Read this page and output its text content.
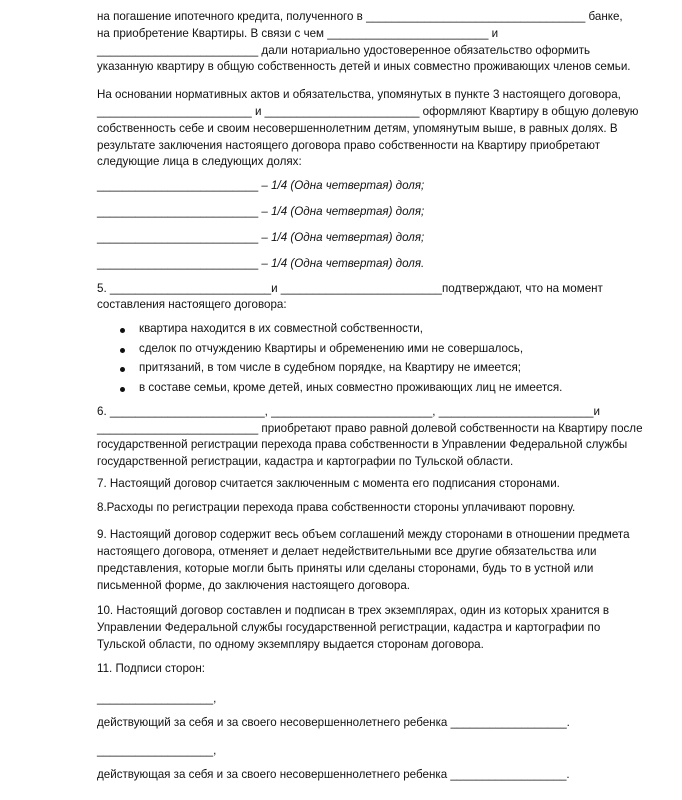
на погашение ипотечного кредита, полученного в __________________________________ банке,
на приобретение Квартиры. В связи с чем _________________________ и
_________________________ дали нотариально удостоверенное обязательство оформить
указанную квартиру в общую собственность детей и иных совместно проживающих членов семьи.
На основании нормативных актов и обязательства, упомянутых в пункте 3 настоящего договора,
________________________ и ________________________ оформляют Квартиру в общую долевую
собственность себе и своим несовершеннолетним детям, упомянутым выше, в равных долях. В
результате заключения настоящего договора право собственности на Квартиру приобретают
следующие лица в следующих долях:
_________________________ – 1/4 (Одна четвертая) доля;
_________________________ – 1/4 (Одна четвертая) доля;
_________________________ – 1/4 (Одна четвертая) доля;
_________________________ – 1/4 (Одна четвертая) доля.
5. _________________________и _________________________подтверждают, что на момент
составления настоящего договора:
квартира находится в их совместной собственности,
сделок по отчуждению Квартиры и обременению ими не совершалось,
притязаний, в том числе в судебном порядке, на Квартиру не имеется;
в составе семьи, кроме детей, иных совместно проживающих лиц не имеется.
6. ________________________, _________________________, ________________________и
_________________________ приобретают право равной долевой собственности на Квартиру после
государственной регистрации перехода права собственности в Управлении Федеральной службы
государственной регистрации, кадастра и картографии по Тульской области.
7. Настоящий договор считается заключенным с момента его подписания сторонами.
8.Расходы по регистрации перехода права собственности стороны уплачивают поровну.
9. Настоящий договор содержит весь объем соглашений между сторонами в отношении предмета
настоящего договора, отменяет и делает недействительными все другие обязательства или
представления, которые могли быть приняты или сделаны сторонами, будь то в устной или
письменной форме, до заключения настоящего договора.
10. Настоящий договор составлен и подписан в трех экземплярах, один из которых хранится в
Управлении Федеральной службы государственной регистрации, кадастра и картографии по
Тульской области, по одному экземпляру выдается сторонам договора.
11. Подписи сторон:
__________________,
действующий за себя и за своего несовершеннолетнего ребенка __________________.
__________________,
действующая за себя и за своего несовершеннолетнего ребенка __________________.
